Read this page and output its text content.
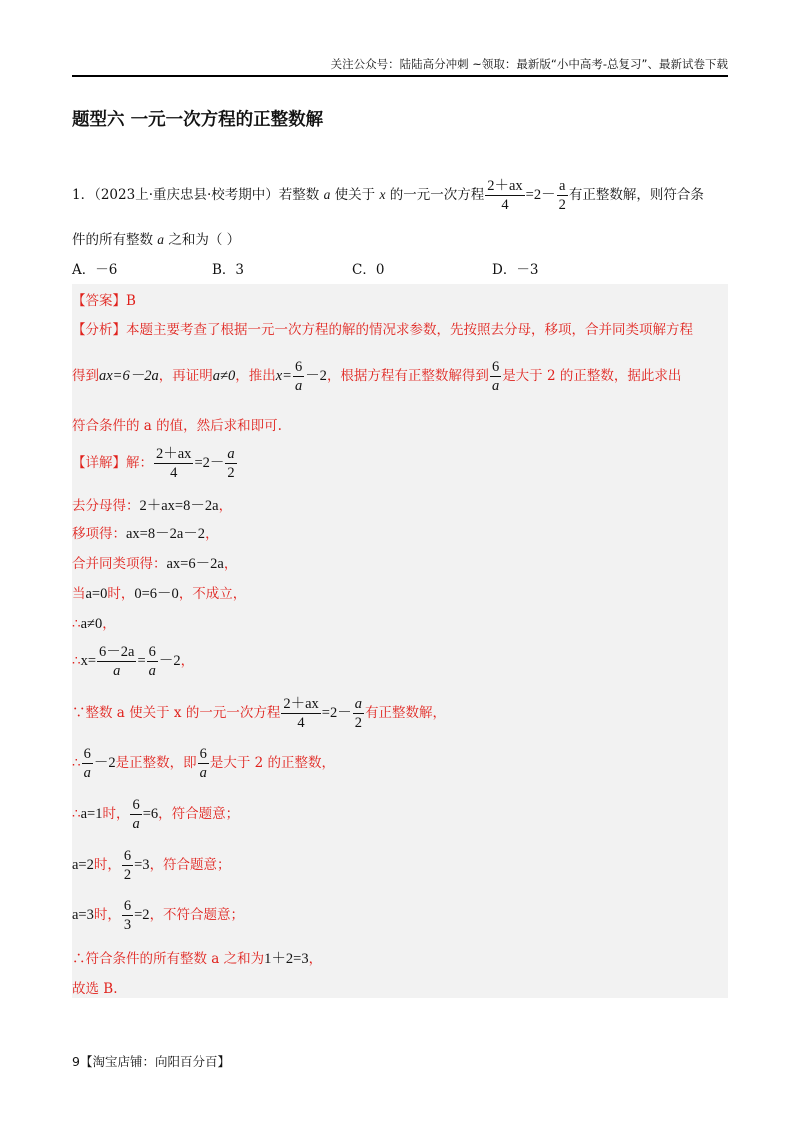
关注公众号：陆陆高分冲刺 ~领取：最新版“小中高考-总复习”、最新试卷下载
题型六 一元一次方程的正整数解
1．（2023上·重庆忠县·校考期中）若整数 a 使关于 x 的一元一次方程 $\frac{2+ax}{4} =2- \frac{a}{2}$ 有正整数解，则符合条
件的所有整数 a 之和为（ ）
A．－6	B．3	C．0	D．－3
【答案】B
【分析】本题主要考查了根据一元一次方程的解的情况求参数，先按照去分母，移项，合并同类项解方程
得到ax=6－2a，再证明a≠0，推出$x= \frac{6}{a} -2$，根据方程有正整数解得到 $\frac{6}{a}$ 是大于 2 的正整数，据此求出
符合条件的 a 的值，然后求和即可.
【详解】解： $\frac{2+ax}{4} =2- \frac{a}{2}$
去分母得：2＋ax=8－2a，
移项得：ax=8－2a－2，
合并同类项得：ax=6－2a，
当a=0时，0=6－0，不成立，
∴a≠0，
∴x= $\frac{6-2a}{a} = \frac{6}{a} -2$，
∵整数 a 使关于 x 的一元一次方程 $\frac{2+ax}{4} =2- \frac{a}{2}$ 有正整数解，
∴ $\frac{6}{a} -2$是正整数，即 $\frac{6}{a}$ 是大于 2 的正整数，
∴a=1时， $\frac{6}{a} =6$，符合题意；
a=2时， $\frac{6}{2} =3$，符合题意；
a=3时， $\frac{6}{3} =2$，不符合题意；
∴符合条件的所有整数 a 之和为1＋2=3，
故选 B.
9【淘宝店铺：向阳百分百】
